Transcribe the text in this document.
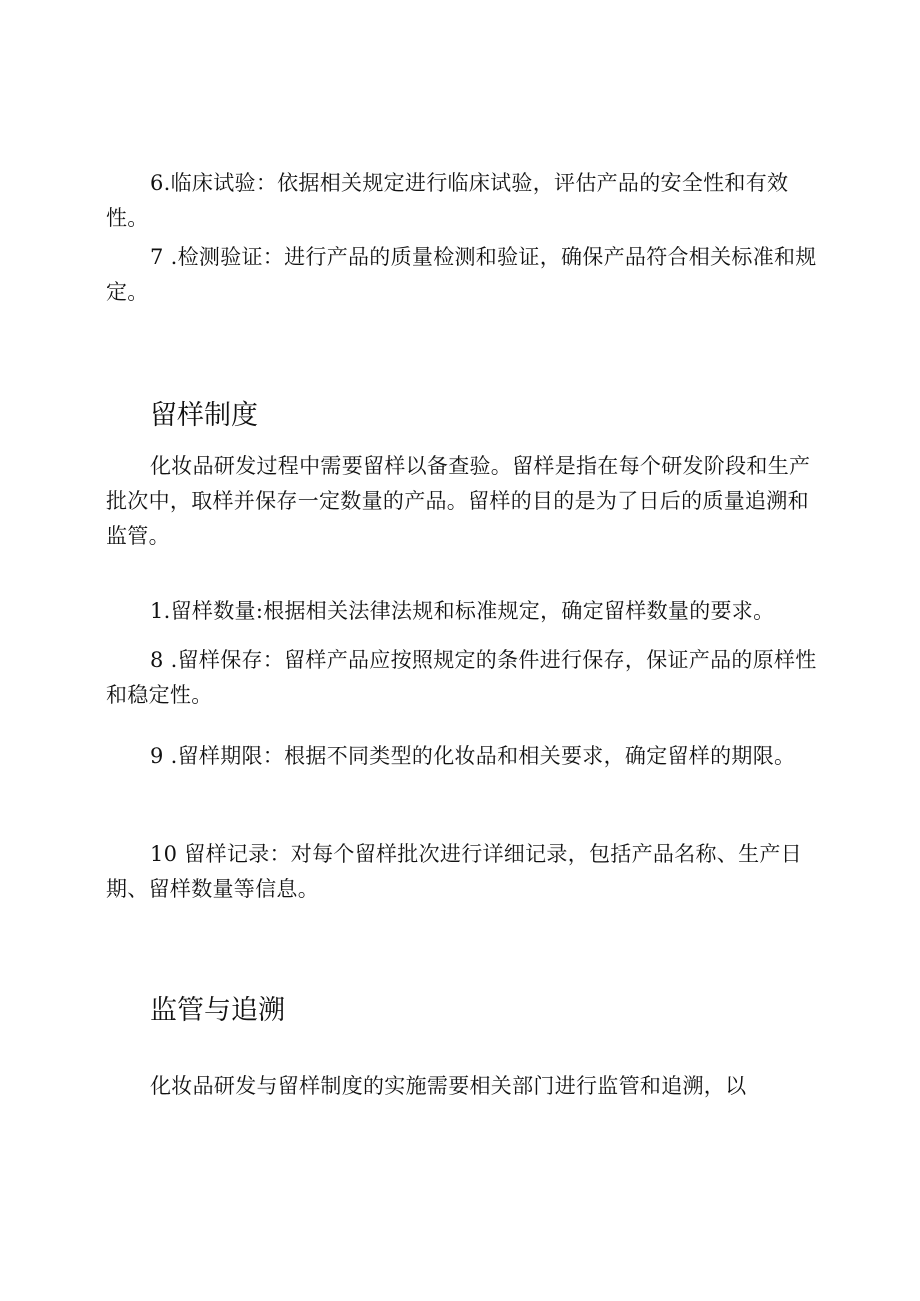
6.临床试验：依据相关规定进行临床试验，评估产品的安全性和有效性。

7 .检测验证：进行产品的质量检测和验证，确保产品符合相关标准和规定。

留样制度

化妆品研发过程中需要留样以备查验。留样是指在每个研发阶段和生产批次中，取样并保存一定数量的产品。留样的目的是为了日后的质量追溯和监管。

1.留样数量:根据相关法律法规和标准规定，确定留样数量的要求。

8 .留样保存：留样产品应按照规定的条件进行保存，保证产品的原样性和稳定性。

9 .留样期限：根据不同类型的化妆品和相关要求，确定留样的期限。

10 留样记录：对每个留样批次进行详细记录，包括产品名称、生产日期、留样数量等信息。

监管与追溯

化妆品研发与留样制度的实施需要相关部门进行监管和追溯，以
